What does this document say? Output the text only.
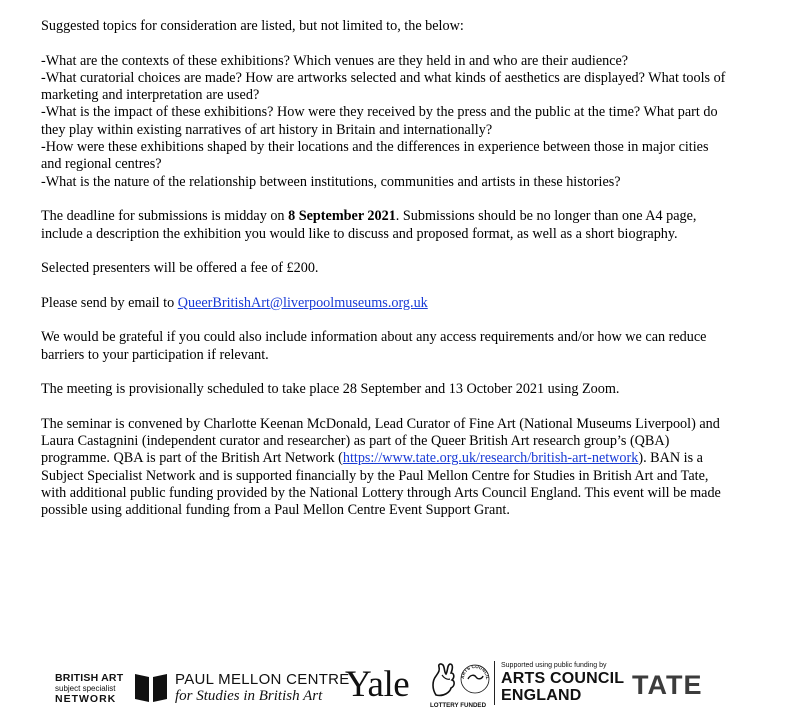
Suggested topics for consideration are listed, but not limited to, the below:

-What are the contexts of these exhibitions? Which venues are they held in and who are their audience?
-What curatorial choices are made? How are artworks selected and what kinds of aesthetics are displayed? What tools of marketing and interpretation are used?
-What is the impact of these exhibitions? How were they received by the press and the public at the time? What part do they play within existing narratives of art history in Britain and internationally?
-How were these exhibitions shaped by their locations and the differences in experience between those in major cities and regional centres?
-What is the nature of the relationship between institutions, communities and artists in these histories?

The deadline for submissions is midday on 8 September 2021. Submissions should be no longer than one A4 page, include a description the exhibition you would like to discuss and proposed format, as well as a short biography.

Selected presenters will be offered a fee of £200.

Please send by email to QueerBritishArt@liverpoolmuseums.org.uk

We would be grateful if you could also include information about any access requirements and/or how we can reduce barriers to your participation if relevant.

The meeting is provisionally scheduled to take place 28 September and 13 October 2021 using Zoom.

The seminar is convened by Charlotte Keenan McDonald, Lead Curator of Fine Art (National Museums Liverpool) and Laura Castagnini (independent curator and researcher) as part of the Queer British Art research group’s (QBA) programme. QBA is part of the British Art Network (https://www.tate.org.uk/research/british-art-network). BAN is a Subject Specialist Network and is supported financially by the Paul Mellon Centre for Studies in British Art and Tate, with additional public funding provided by the National Lottery through Arts Council England. This event will be made possible using additional funding from a Paul Mellon Centre Event Support Grant.

BRITISH ART
subject specialist
NETWORK
PAUL MELLON CENTRE
for Studies in British Art Yale	ARTS COUNCIL
LOTTERY FUNDED
Supported using public funding by
ARTS COUNCIL
ENGLAND	TATE
